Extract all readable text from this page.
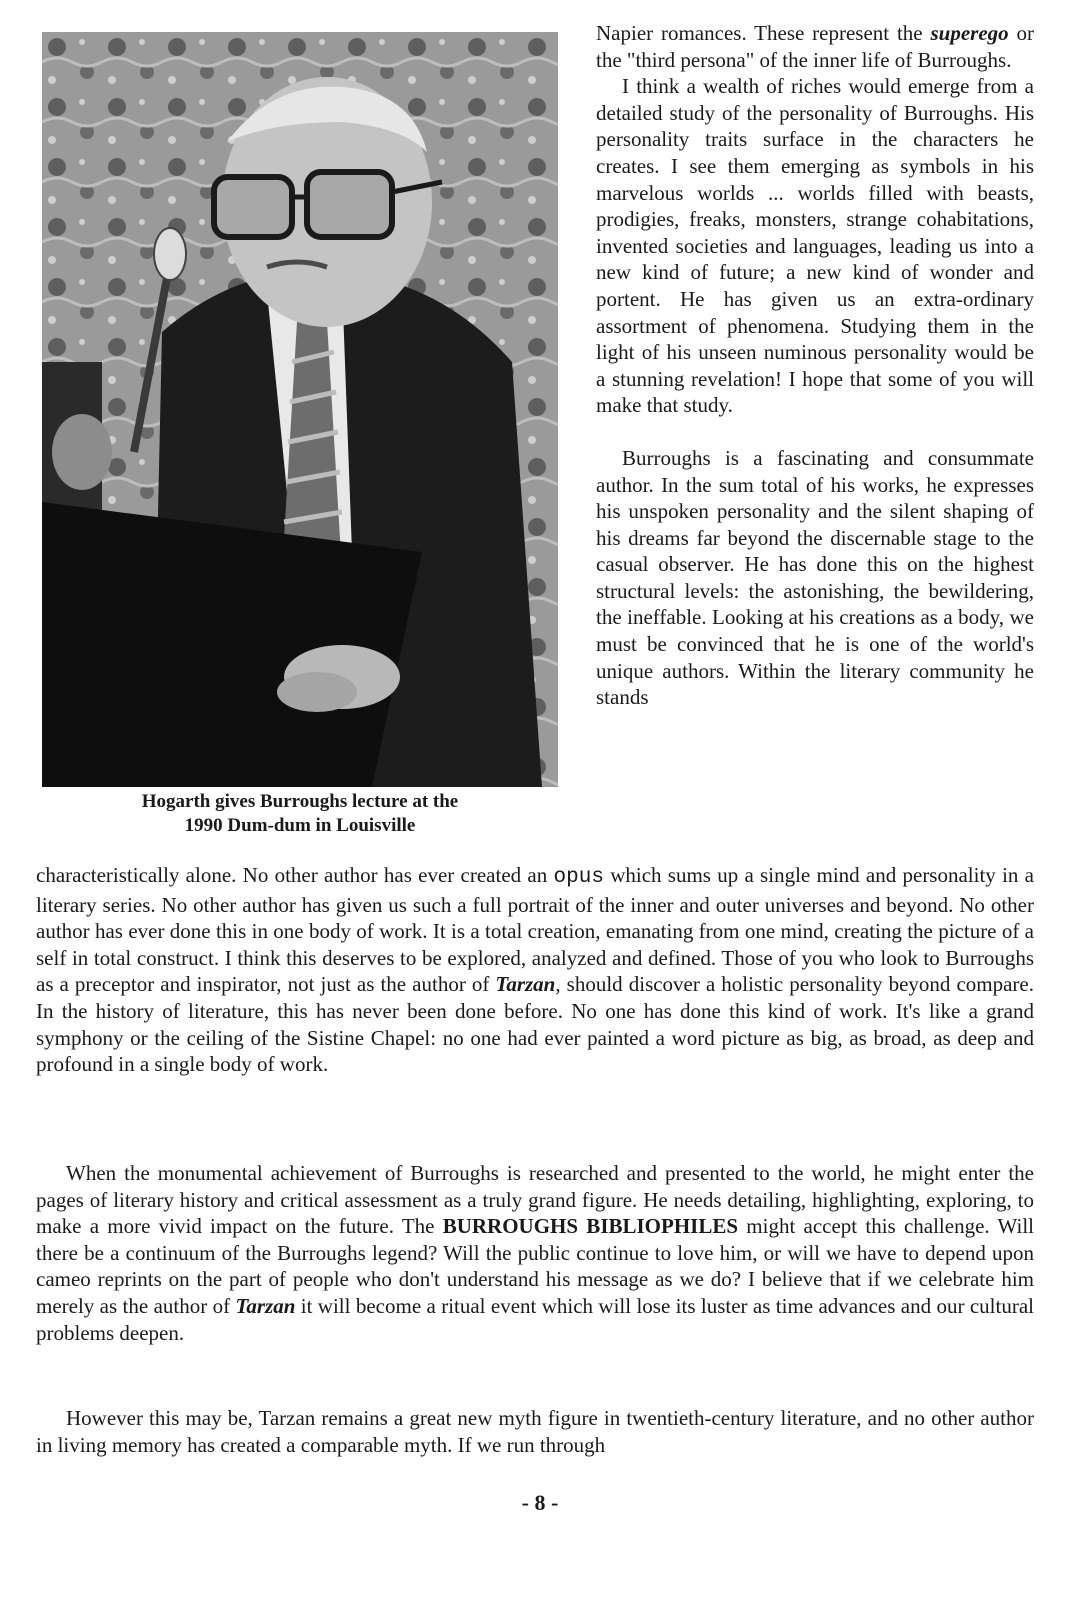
Hogarth gives Burroughs lecture at the
1990 Dum-dum in Louisville

Napier romances. These represent the superego or the "third persona" of the inner life of Burroughs.

I think a wealth of riches would emerge from a detailed study of the personality of Burroughs. His personality traits surface in the characters he creates. I see them emerging as symbols in his marvelous worlds ... worlds filled with beasts, prodigies, freaks, monsters, strange cohabitations, invented societies and languages, leading us into a new kind of future; a new kind of wonder and portent. He has given us an extra-ordinary assortment of phenomena. Studying them in the light of his unseen numinous personality would be a stunning revelation! I hope that some of you will make that study.

Burroughs is a fascinating and consummate author. In the sum total of his works, he expresses his unspoken personality and the silent shaping of his dreams far beyond the discernable stage to the casual observer. He has done this on the highest structural levels: the astonishing, the bewildering, the ineffable. Looking at his creations as a body, we must be convinced that he is one of the world's unique authors. Within the literary community he stands

characteristically alone. No other author has ever created an opus which sums up a single mind and personality in a literary series. No other author has given us such a full portrait of the inner and outer universes and beyond. No other author has ever done this in one body of work. It is a total creation, emanating from one mind, creating the picture of a self in total construct. I think this deserves to be explored, analyzed and defined. Those of you who look to Burroughs as a preceptor and inspirator, not just as the author of Tarzan, should discover a holistic personality beyond compare. In the history of literature, this has never been done before. No one has done this kind of work. It's like a grand symphony or the ceiling of the Sistine Chapel: no one had ever painted a word picture as big, as broad, as deep and profound in a single body of work.

When the monumental achievement of Burroughs is researched and presented to the world, he might enter the pages of literary history and critical assessment as a truly grand figure. He needs detailing, highlighting, exploring, to make a more vivid impact on the future. The BURROUGHS BIBLIOPHILES might accept this challenge. Will there be a continuum of the Burroughs legend? Will the public continue to love him, or will we have to depend upon cameo reprints on the part of people who don't understand his message as we do? I believe that if we celebrate him merely as the author of Tarzan it will become a ritual event which will lose its luster as time advances and our cultural problems deepen.

However this may be, Tarzan remains a great new myth figure in twentieth-century literature, and no other author in living memory has created a comparable myth. If we run through

- 8 -
